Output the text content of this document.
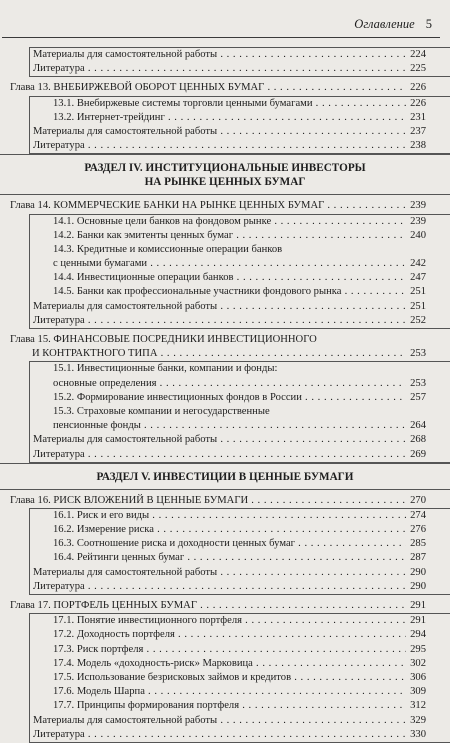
Оглавление 5
Материалы для самостоятельной работы . . .	224
Литература . . .	225
Глава 13. ВНЕБИРЖЕВОЙ ОБОРОТ ЦЕННЫХ БУМАГ . . .	226
13.1. Внебиржевые системы торговли ценными бумагами . . .	226
13.2. Интернет-трейдинг . . .	231
Материалы для самостоятельной работы . . .	237
Литература . . .	238
РАЗДЕЛ IV. ИНСТИТУЦИОНАЛЬНЫЕ ИНВЕСТОРЫ
НА РЫНКЕ ЦЕННЫХ БУМАГ
Глава 14. КОММЕРЧЕСКИЕ БАНКИ НА РЫНКЕ ЦЕННЫХ БУМАГ . . .	239
14.1. Основные цели банков на фондовом рынке . . .	239
14.2. Банки как эмитенты ценных бумаг . . .	240
14.3. Кредитные и комиссионные операции банков
с ценными бумагами . . .	242
14.4. Инвестиционные операции банков . . .	247
14.5. Банки как профессиональные участники фондового рынка . . .	251
Материалы для самостоятельной работы . . .	251
Литература . . .	252
Глава 15. ФИНАНСОВЫЕ ПОСРЕДНИКИ ИНВЕСТИЦИОННОГО
И КОНТРАКТНОГО ТИПА . . .	253
15.1. Инвестиционные банки, компании и фонды:
основные определения . . .	253
15.2. Формирование инвестиционных фондов в России . . .	257
15.3. Страховые компании и негосударственные
пенсионные фонды . . .	264
Материалы для самостоятельной работы . . .	268
Литература . . .	269
РАЗДЕЛ V. ИНВЕСТИЦИИ В ЦЕННЫЕ БУМАГИ
Глава 16. РИСК ВЛОЖЕНИЙ В ЦЕННЫЕ БУМАГИ . . .	270
16.1. Риск и его виды . . .	274
16.2. Измерение риска . . .	276
16.3. Соотношение риска и доходности ценных бумаг . . .	285
16.4. Рейтинги ценных бумаг . . .	287
Материалы для самостоятельной работы . . .	290
Литература . . .	290
Глава 17. ПОРТФЕЛЬ ЦЕННЫХ БУМАГ . . .	291
17.1. Понятие инвестиционного портфеля . . .	291
17.2. Доходность портфеля . . .	294
17.3. Риск портфеля . . .	295
17.4. Модель «доходность-риск» Марковица . . .	302
17.5. Использование безрисковых займов и кредитов . . .	306
17.6. Модель Шарпа . . .	309
17.7. Принципы формирования портфеля . . .	312
Материалы для самостоятельной работы . . .	329
Литература . . .	330
